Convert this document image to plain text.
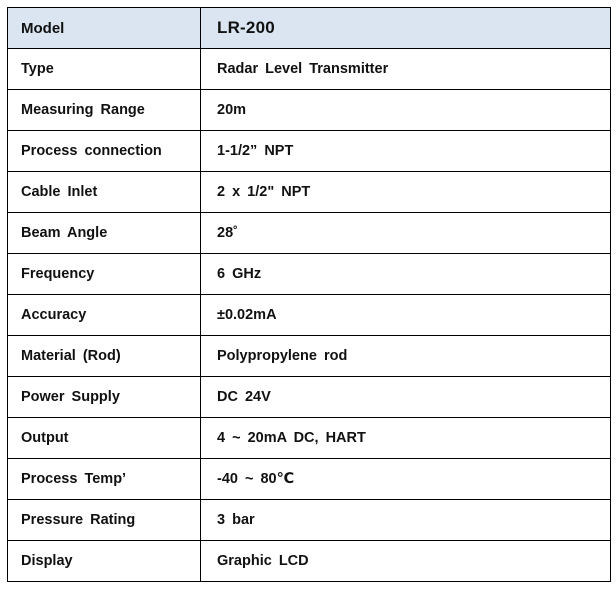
Model	LR-200
Type	Radar Level Transmitter
Measuring Range	20m
Process connection	1-1/2” NPT
Cable Inlet	2 x 1/2" NPT
Beam Angle	28˚
Frequency	6 GHz
Accuracy	±0.02mA
Material (Rod)	Polypropylene rod
Power Supply	DC 24V
Output	4 ~ 20mA DC, HART
Process Temp’	-40 ~ 80℃
Pressure Rating	3 bar
Display	Graphic LCD
